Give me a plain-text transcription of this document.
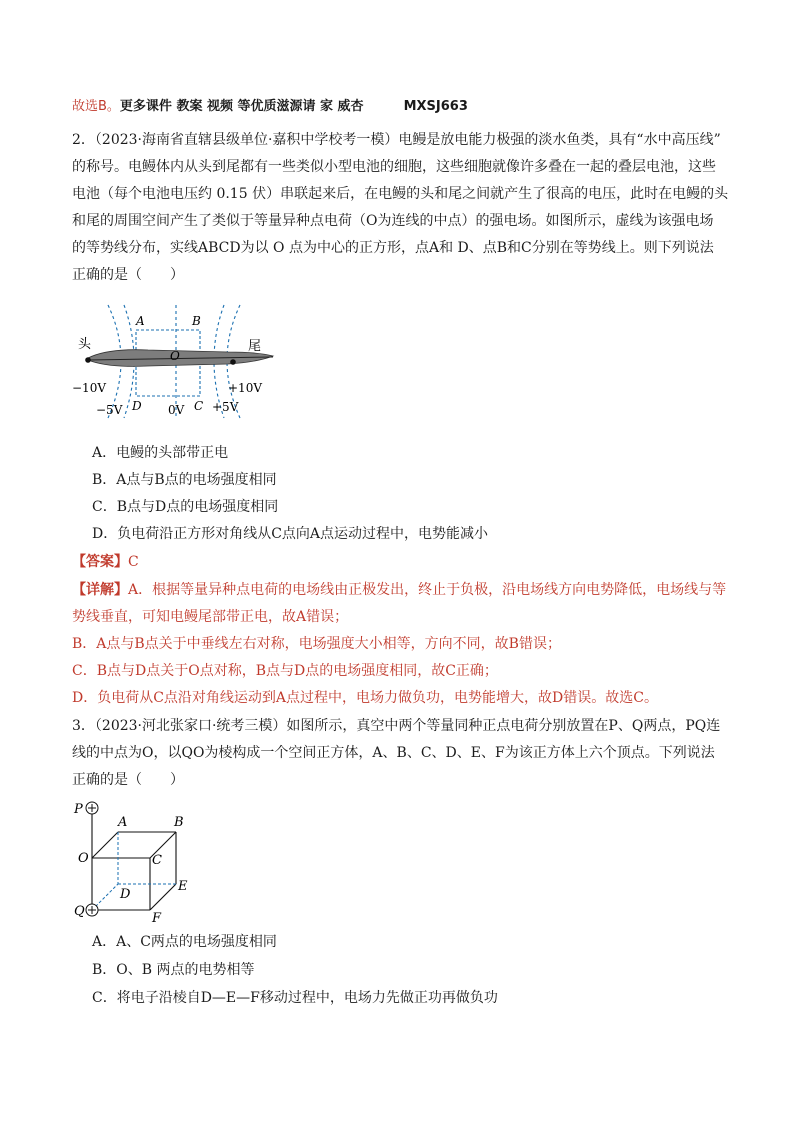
故选B。更多课件 教案 视频 等优质滋源请 家 威杏	MXSJ663
2．（2023·海南省直辖县级单位·嘉积中学校考一模）电鳗是放电能力极强的淡水鱼类，具有“水中高压线”
的称号。电鳗体内从头到尾都有一些类似小型电池的细胞，这些细胞就像许多叠在一起的叠层电池，这些
电池（每个电池电压约 0.15 伏）串联起来后，在电鳗的头和尾之间就产生了很高的电压，此时在电鳗的头
和尾的周围空间产生了类似于等量异种点电荷（O为连线的中点）的强电场。如图所示，虚线为该强电场
的等势线分布，实线ABCD为以 O 点为中心的正方形，点A和 D、点B和C分别在等势线上。则下列说法
正确的是（　　）
头	尾
A	B
O
D	C
−10V	+10V
−5V	0V +5V
A．电鳗的头部带正电
B．A点与B点的电场强度相同
C．B点与D点的电场强度相同
D．负电荷沿正方形对角线从C点向A点运动过程中，电势能减小
【答案】C
【详解】A．根据等量异种点电荷的电场线由正极发出，终止于负极，沿电场线方向电势降低，电场线与等
势线垂直，可知电鳗尾部带正电，故A错误；
B．A点与B点关于中垂线左右对称，电场强度大小相等，方向不同，故B错误；
C．B点与D点关于O点对称，B点与D点的电场强度相同，故C正确；
D．负电荷从C点沿对角线运动到A点过程中，电场力做负功，电势能增大，故D错误。故选C。
3．（2023·河北张家口·统考三模）如图所示，真空中两个等量同种正点电荷分别放置在P、Q两点，PQ连
线的中点为O，以QO为棱构成一个空间正方体，A、B、C、D、E、F为该正方体上六个顶点。下列说法
正确的是（　　）
P
Q
O
A	B
C
D
E
F
A．A、C两点的电场强度相同
B．O、B 两点的电势相等
C．将电子沿棱自D—E—F移动过程中，电场力先做正功再做负功
